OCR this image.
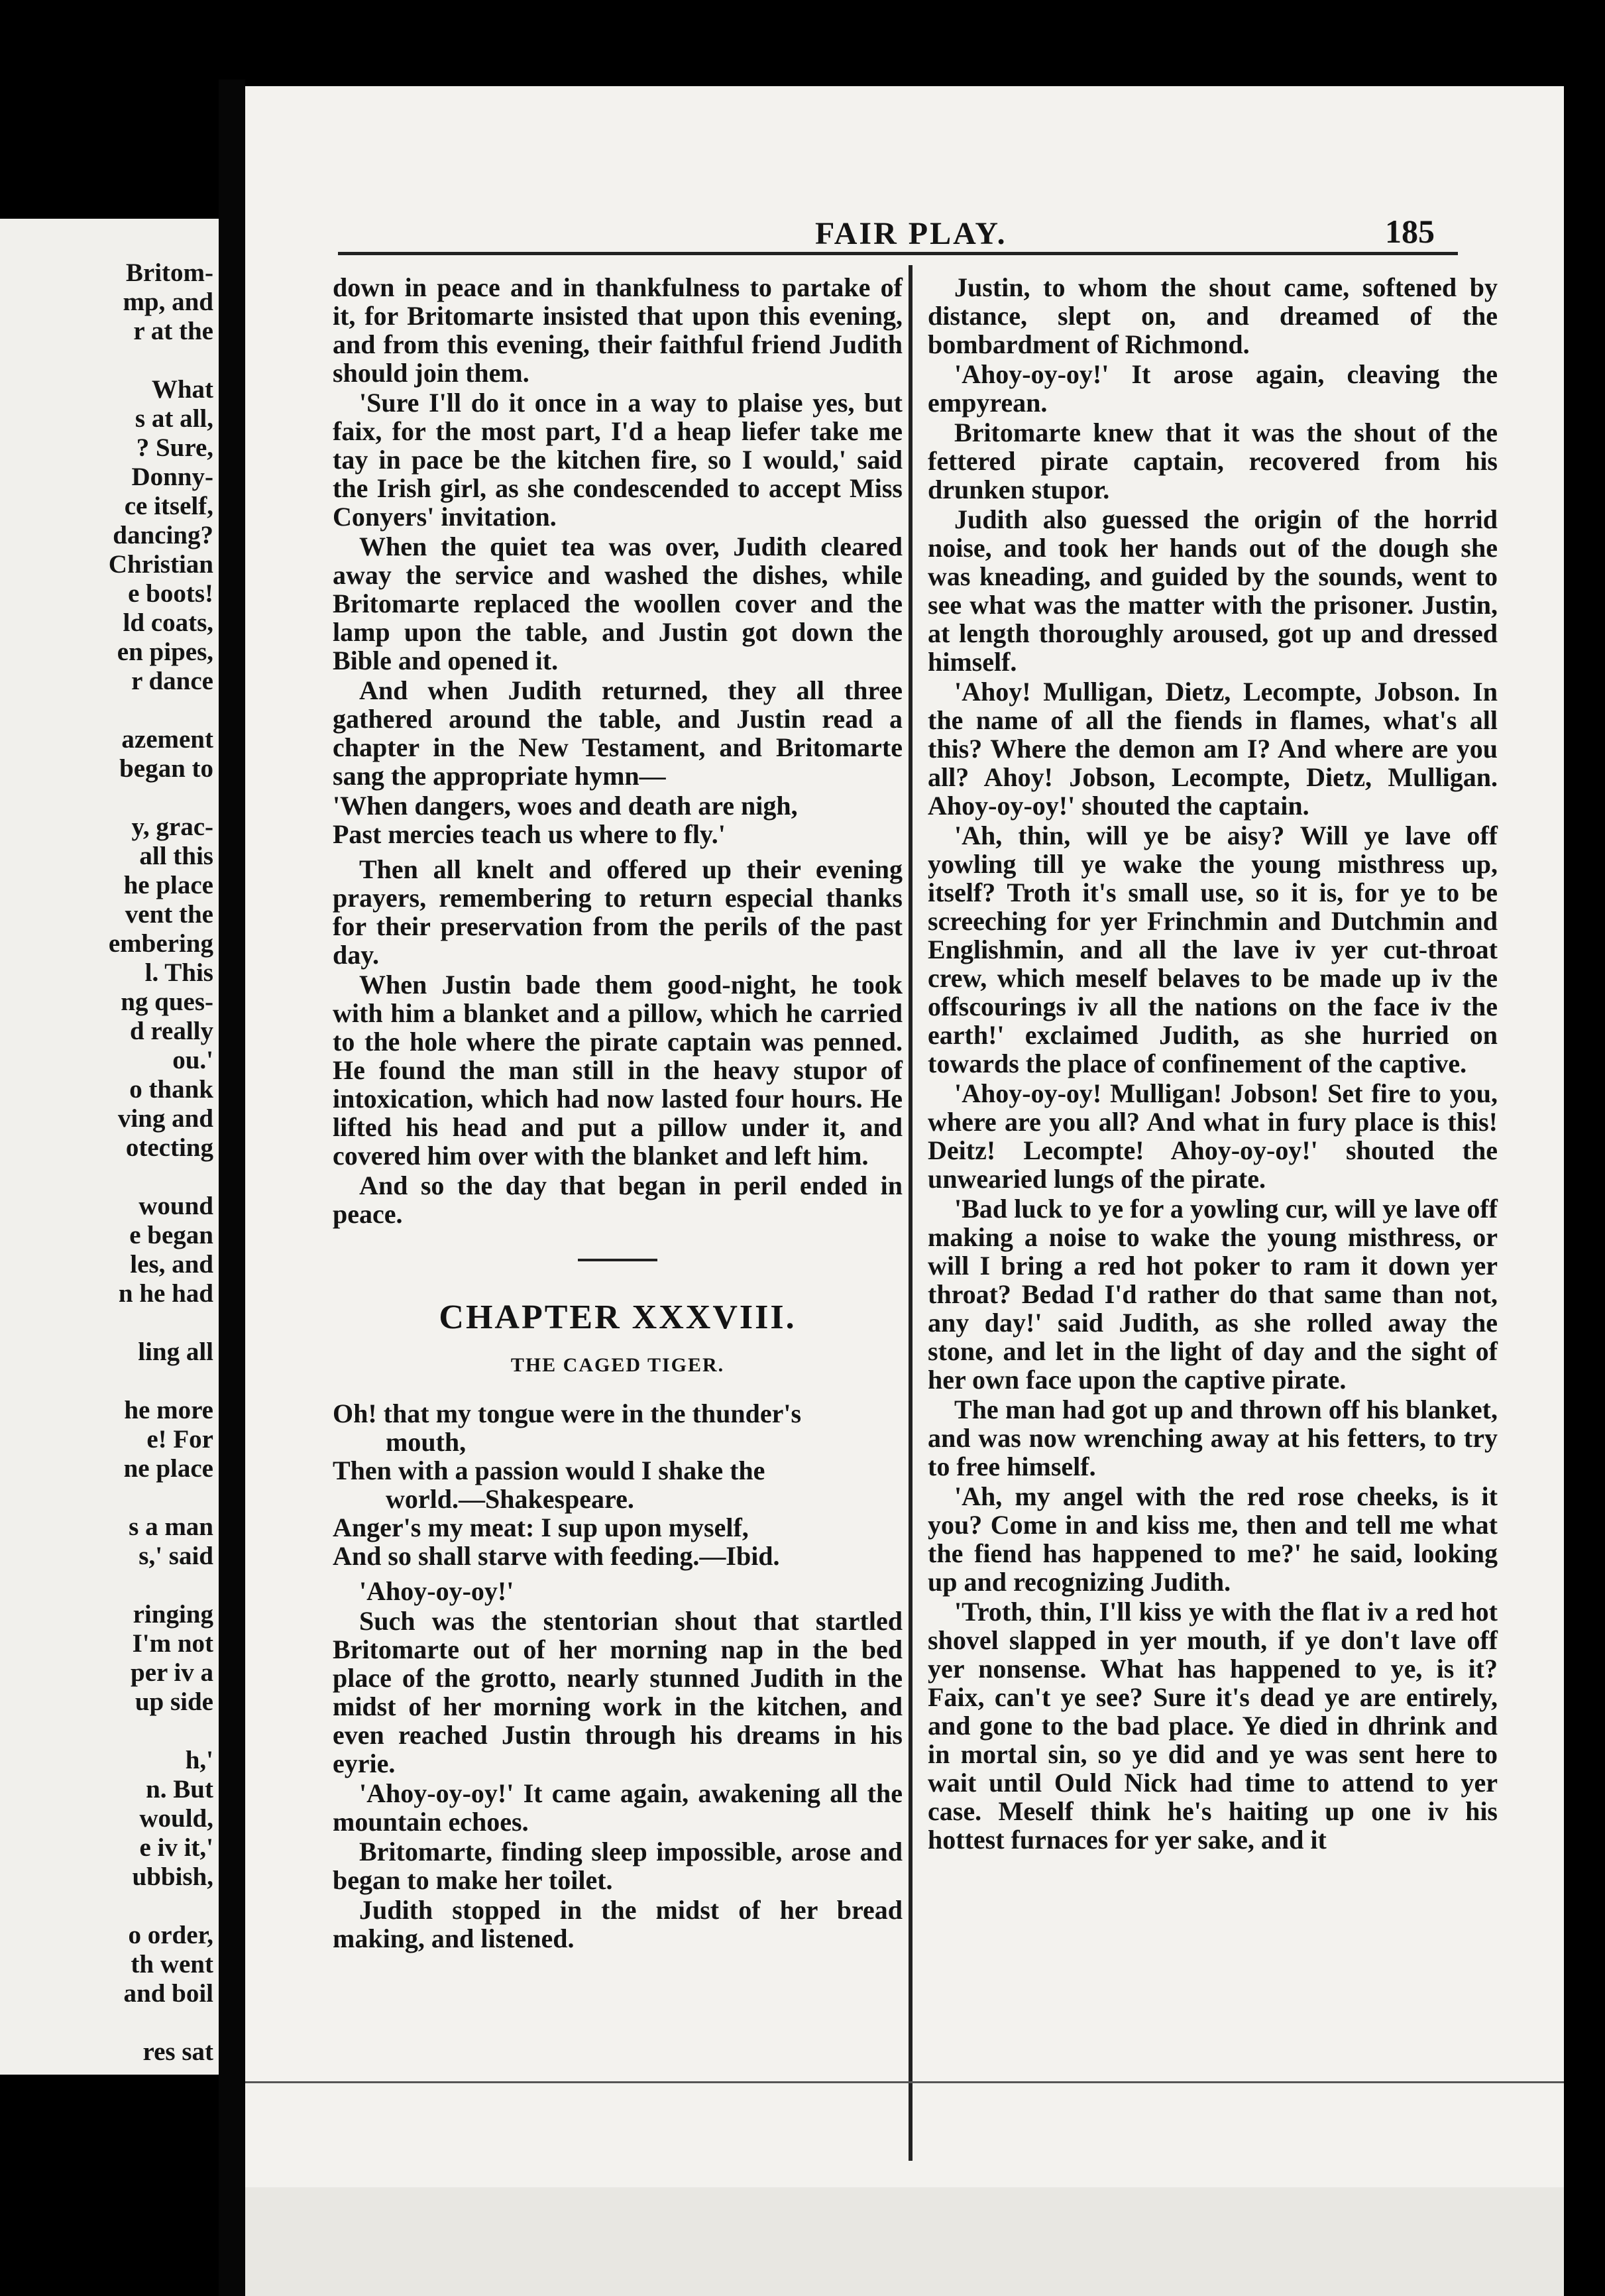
Britom-
mp, and
r at the
What
s at all,
? Sure,
Donny-
ce itself,
dancing?
Christian
e boots!
ld coats,
en pipes,
r dance
azement
began to
y, grac-
all this
he place
vent the
embering
l. This
ng ques-
d really
ou.'
o thank
ving and
otecting
wound
e began
les, and
n he had
ling all
he more
e! For
ne place
s a man
s,' said
ringing
I'm not
per iv a
up side
h,'
n. But
would,
e iv it,'
ubbish,
o order,
th went
and boil
res sat
FAIR PLAY.	185

down in peace and in thankfulness to partake of it, for Britomarte insisted that upon this evening, and from this evening, their faithful friend Judith should join them.

'Sure I'll do it once in a way to plaise yes, but faix, for the most part, I'd a heap liefer take me tay in pace be the kitchen fire, so I would,' said the Irish girl, as she condescended to accept Miss Conyers' invitation.

When the quiet tea was over, Judith cleared away the service and washed the dishes, while Britomarte replaced the woollen cover and the lamp upon the table, and Justin got down the Bible and opened it.

And when Judith returned, they all three gathered around the table, and Justin read a chapter in the New Testament, and Britomarte sang the appropriate hymn—

'When dangers, woes and death are nigh,
Past mercies teach us where to fly.'

Then all knelt and offered up their evening prayers, remembering to return especial thanks for their preservation from the perils of the past day.

When Justin bade them good-night, he took with him a blanket and a pillow, which he carried to the hole where the pirate captain was penned. He found the man still in the heavy stupor of intoxication, which had now lasted four hours. He lifted his head and put a pillow under it, and covered him over with the blanket and left him.

And so the day that began in peril ended in peace.

CHAPTER XXXVIII.
THE CAGED TIGER.
Oh! that my tongue were in the thunder's
mouth,
Then with a passion would I shake the
world.—Shakespeare.
Anger's my meat: I sup upon myself,
And so shall starve with feeding.—Ibid.

'Ahoy-oy-oy!'

Such was the stentorian shout that startled Britomarte out of her morning nap in the bed place of the grotto, nearly stunned Judith in the midst of her morning work in the kitchen, and even reached Justin through his dreams in his eyrie.

'Ahoy-oy-oy!' It came again, awakening all the mountain echoes.

Britomarte, finding sleep impossible, arose and began to make her toilet.

Judith stopped in the midst of her bread making, and listened.

Justin, to whom the shout came, softened by distance, slept on, and dreamed of the bombardment of Richmond.

'Ahoy-oy-oy!' It arose again, cleaving the empyrean.

Britomarte knew that it was the shout of the fettered pirate captain, recovered from his drunken stupor.

Judith also guessed the origin of the horrid noise, and took her hands out of the dough she was kneading, and guided by the sounds, went to see what was the matter with the prisoner. Justin, at length thoroughly aroused, got up and dressed himself.

'Ahoy! Mulligan, Dietz, Lecompte, Jobson. In the name of all the fiends in flames, what's all this? Where the demon am I? And where are you all? Ahoy! Jobson, Lecompte, Dietz, Mulligan. Ahoy-oy-oy!' shouted the captain.

'Ah, thin, will ye be aisy? Will ye lave off yowling till ye wake the young misthress up, itself? Troth it's small use, so it is, for ye to be screeching for yer Frinchmin and Dutchmin and Englishmin, and all the lave iv yer cut-throat crew, which meself belaves to be made up iv the offscourings iv all the nations on the face iv the earth!' exclaimed Judith, as she hurried on towards the place of confinement of the captive.

'Ahoy-oy-oy! Mulligan! Jobson! Set fire to you, where are you all? And what in fury place is this! Deitz! Lecompte! Ahoy-oy-oy!' shouted the unwearied lungs of the pirate.

'Bad luck to ye for a yowling cur, will ye lave off making a noise to wake the young misthress, or will I bring a red hot poker to ram it down yer throat? Bedad I'd rather do that same than not, any day!' said Judith, as she rolled away the stone, and let in the light of day and the sight of her own face upon the captive pirate.

The man had got up and thrown off his blanket, and was now wrenching away at his fetters, to try to free himself.

'Ah, my angel with the red rose cheeks, is it you? Come in and kiss me, then and tell me what the fiend has happened to me?' he said, looking up and recognizing Judith.

'Troth, thin, I'll kiss ye with the flat iv a red hot shovel slapped in yer mouth, if ye don't lave off yer nonsense. What has happened to ye, is it? Faix, can't ye see? Sure it's dead ye are entirely, and gone to the bad place. Ye died in dhrink and in mortal sin, so ye did and ye was sent here to wait until Ould Nick had time to attend to yer case. Meself think he's haiting up one iv his hottest furnaces for yer sake, and it
